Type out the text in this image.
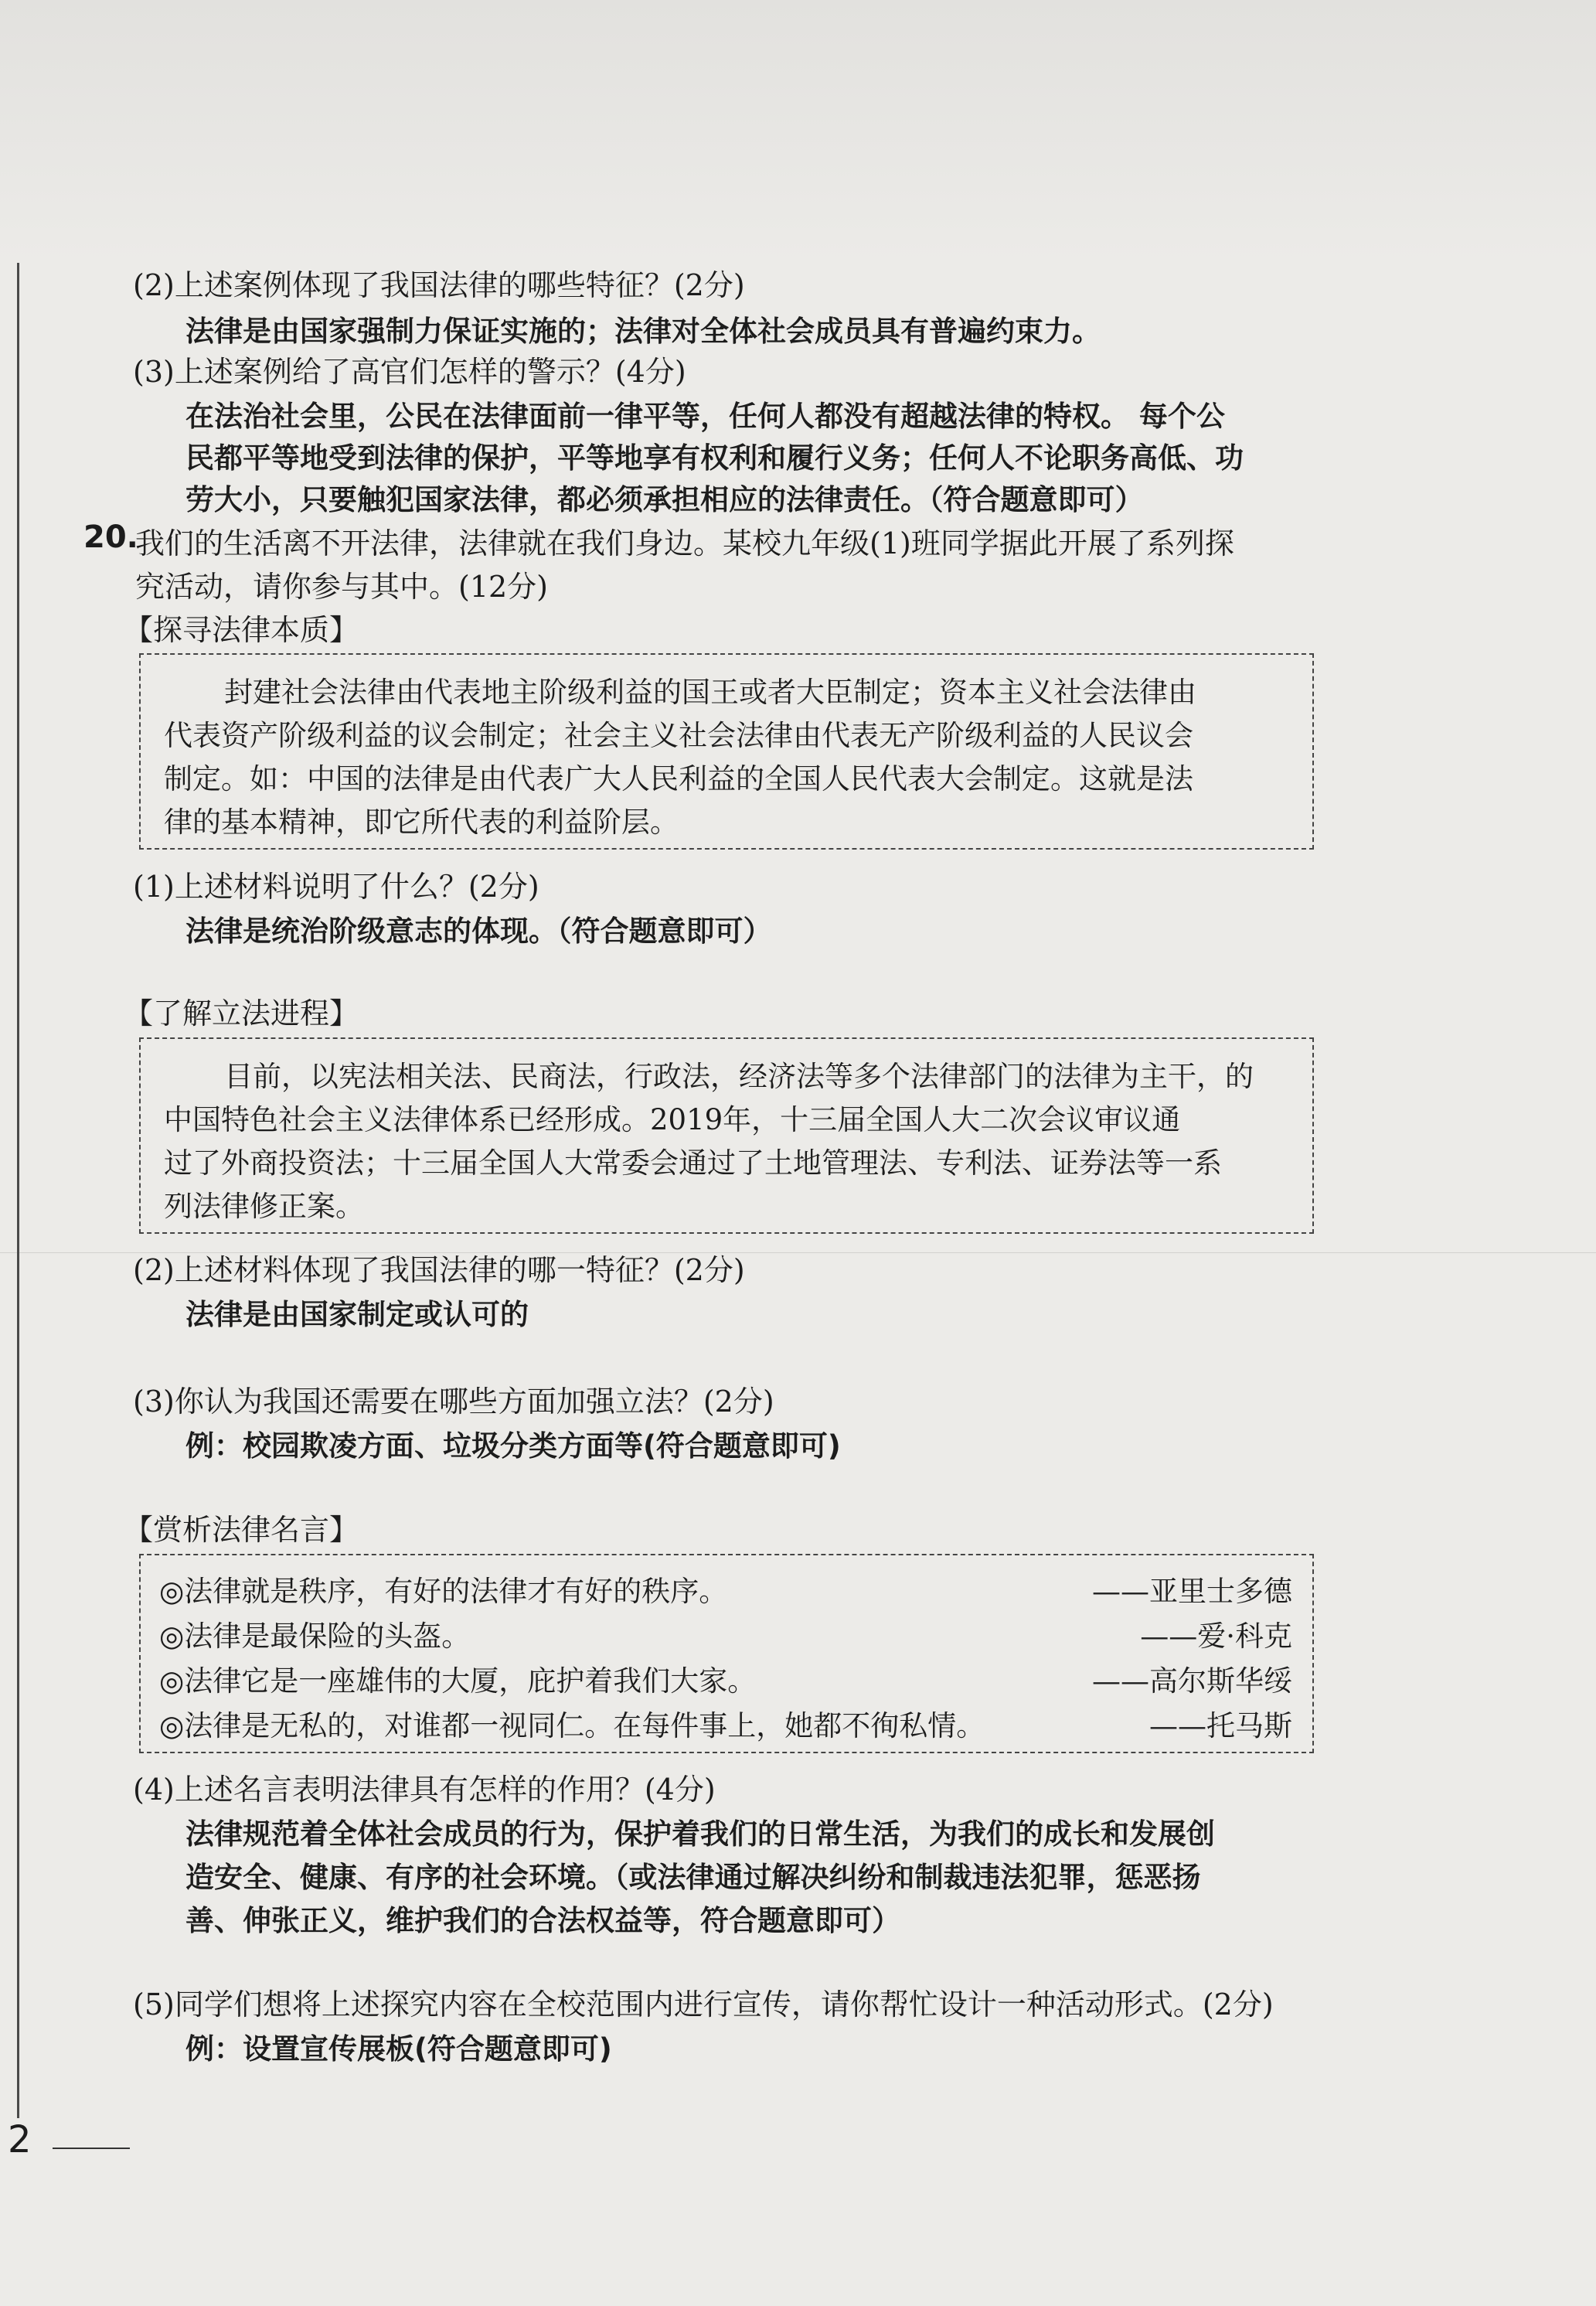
(2)上述案例体现了我国法律的哪些特征？(2分)
法律是由国家强制力保证实施的；法律对全体社会成员具有普遍约束力。
(3)上述案例给了高官们怎样的警示？(4分)
在法治社会里，公民在法律面前一律平等，任何人都没有超越法律的特权。 每个公
民都平等地受到法律的保护，平等地享有权利和履行义务；任何人不论职务高低、功
劳大小，只要触犯国家法律，都必须承担相应的法律责任。（符合题意即可）
20.
我们的生活离不开法律，法律就在我们身边。某校九年级(1)班同学据此开展了系列探
究活动，请你参与其中。(12分)
【探寻法律本质】
封建社会法律由代表地主阶级利益的国王或者大臣制定；资本主义社会法律由
代表资产阶级利益的议会制定；社会主义社会法律由代表无产阶级利益的人民议会
制定。如：中国的法律是由代表广大人民利益的全国人民代表大会制定。这就是法
律的基本精神，即它所代表的利益阶层。
(1)上述材料说明了什么？(2分)
法律是统治阶级意志的体现。（符合题意即可）
【了解立法进程】
目前，以宪法相关法、民商法，行政法，经济法等多个法律部门的法律为主干，的
中国特色社会主义法律体系已经形成。2019年，十三届全国人大二次会议审议通
过了外商投资法；十三届全国人大常委会通过了土地管理法、专利法、证券法等一系
列法律修正案。
(2)上述材料体现了我国法律的哪一特征？(2分)
法律是由国家制定或认可的
(3)你认为我国还需要在哪些方面加强立法？(2分)
例：校园欺凌方面、垃圾分类方面等(符合题意即可)
【赏析法律名言】
◎法律就是秩序，有好的法律才有好的秩序。	——亚里士多德
◎法律是最保险的头盔。	——爱·科克
◎法律它是一座雄伟的大厦，庇护着我们大家。	——高尔斯华绥
◎法律是无私的，对谁都一视同仁。在每件事上，她都不徇私情。	——托马斯
(4)上述名言表明法律具有怎样的作用？(4分)
法律规范着全体社会成员的行为，保护着我们的日常生活，为我们的成长和发展创
造安全、健康、有序的社会环境。（或法律通过解决纠纷和制裁违法犯罪，惩恶扬
善、伸张正义，维护我们的合法权益等，符合题意即可）
(5)同学们想将上述探究内容在全校范围内进行宣传，请你帮忙设计一种活动形式。(2分)
例：设置宣传展板(符合题意即可)
2
